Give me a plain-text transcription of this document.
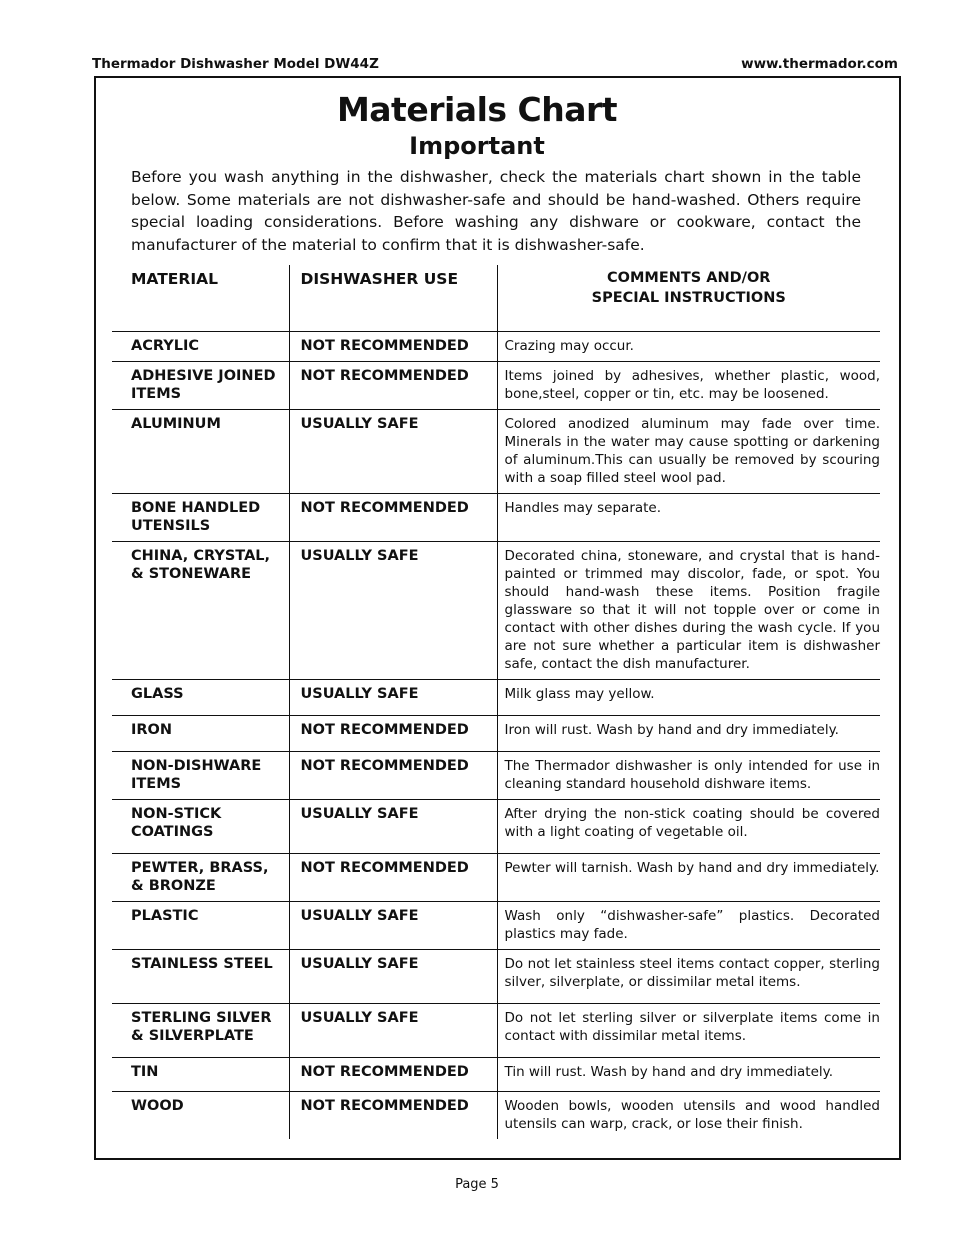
Thermador Dishwasher Model DW44Z	www.thermador.com
Materials Chart
Important

Before you wash anything in the dishwasher, check the materials chart shown in the table below. Some materials are not dishwasher-safe and should be hand-washed. Others require special loading considerations. Before washing any dishware or cookware, contact the manufacturer of the material to confirm that it is dishwasher-safe.

MATERIAL	DISHWASHER USE	COMMENTS AND/OR
SPECIAL INSTRUCTIONS

ACRYLIC	NOT RECOMMENDED	Crazing may occur.
ADHESIVE JOINED ITEMS	NOT RECOMMENDED	Items joined by adhesives, whether plastic, wood, bone,steel, copper or tin, etc. may be loosened.
ALUMINUM	USUALLY SAFE	Colored anodized aluminum may fade over time. Minerals in the water may cause spotting or darkening of aluminum.This can usually be removed by scouring with a soap filled steel wool pad.
BONE HANDLED UTENSILS	NOT RECOMMENDED	Handles may separate.
CHINA, CRYSTAL, & STONEWARE	USUALLY SAFE	Decorated china, stoneware, and crystal that is hand-painted or trimmed may discolor, fade, or spot. You should hand-wash these items. Position fragile glassware so that it will not topple over or come in contact with other dishes during the wash cycle. If you are not sure whether a particular item is dishwasher safe, contact the dish manufacturer.
GLASS	USUALLY SAFE	Milk glass may yellow.
IRON	NOT RECOMMENDED	Iron will rust. Wash by hand and dry immediately.
NON-DISHWARE ITEMS	NOT RECOMMENDED	The Thermador dishwasher is only intended for use in cleaning standard household dishware items.
NON-STICK COATINGS	USUALLY SAFE	After drying the non-stick coating should be covered with a light coating of vegetable oil.
PEWTER, BRASS, & BRONZE	NOT RECOMMENDED	Pewter will tarnish. Wash by hand and dry immediately.
PLASTIC	USUALLY SAFE	Wash only “dishwasher-safe” plastics. Decorated plastics may fade.
STAINLESS STEEL	USUALLY SAFE	Do not let stainless steel items contact copper, sterling silver, silverplate, or dissimilar metal items.
STERLING SILVER & SILVERPLATE	USUALLY SAFE	Do not let sterling silver or silverplate items come in contact with dissimilar metal items.
TIN	NOT RECOMMENDED	Tin will rust. Wash by hand and dry immediately.
WOOD	NOT RECOMMENDED	Wooden bowls, wooden utensils and wood handled utensils can warp, crack, or lose their finish.
Page 5
